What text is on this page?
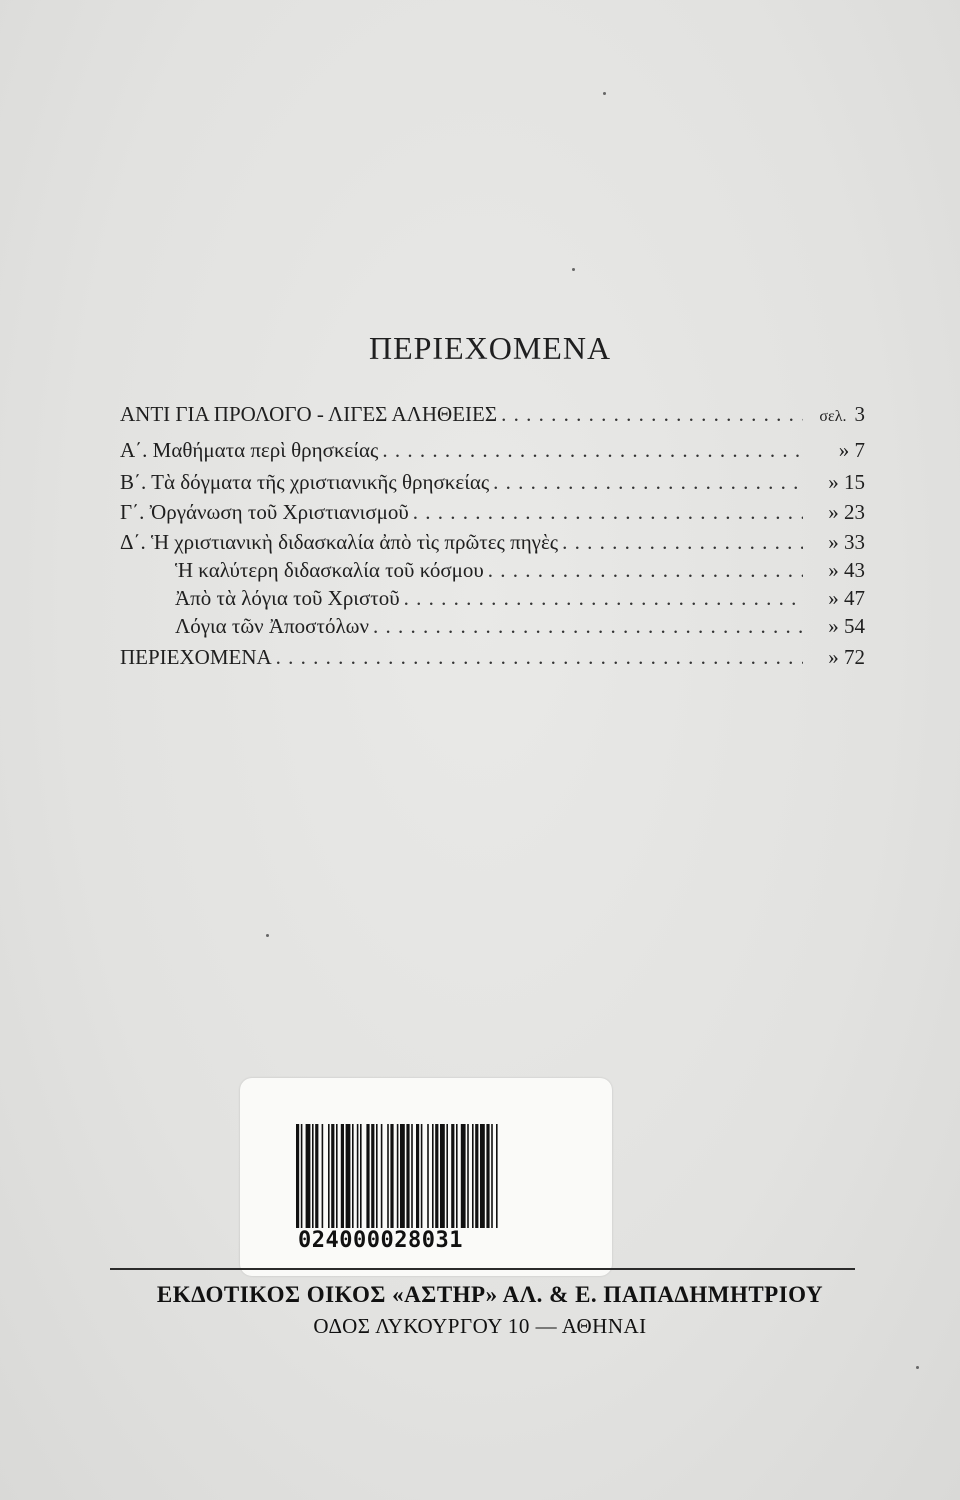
ΠΕΡΙΕΧΟΜΕΝΑ
ΑΝΤΙ ΓΙΑ ΠΡΟΛΟΓΟ - ΛΙΓΕΣ ΑΛΗΘΕΙΕΣ . . .	σελ. 3
Α΄. Μαθήματα περὶ θρησκείας . . .	» 7
Β΄. Τὰ δόγματα τῆς χριστιανικῆς θρησκείας . . .	» 15
Γ΄. Ὀργάνωση τοῦ Χριστιανισμοῦ . . .	» 23
Δ΄. Ἡ χριστιανικὴ διδασκαλία ἀπὸ τὶς πρῶτες πηγὲς . . .	» 33
Ἡ καλύτερη διδασκαλία τοῦ κόσμου . . .	» 43
Ἀπὸ τὰ λόγια τοῦ Χριστοῦ . . .	» 47
Λόγια τῶν Ἀποστόλων . . .	» 54
ΠΕΡΙΕΧΟΜΕΝΑ . . .	» 72
024000028031
ΕΚΔΟΤΙΚΟΣ ΟΙΚΟΣ «ΑΣΤΗΡ» ΑΛ. & Ε. ΠΑΠΑΔΗΜΗΤΡΙΟΥ
ΟΔΟΣ ΛΥΚΟΥΡΓΟΥ 10 — ΑΘΗΝΑΙ
